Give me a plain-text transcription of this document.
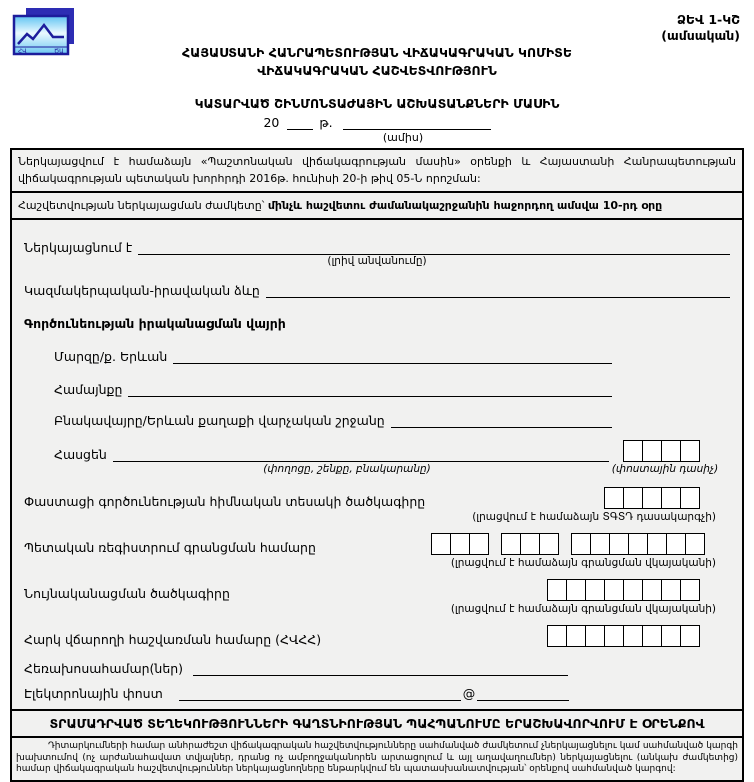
ՀՎ	ԾԱ
ՁԵՎ 1-ԿՇ
(ամսական)
ՀԱՅԱՍՏԱՆԻ ՀԱՆՐԱՊԵՏՈՒԹՅԱՆ ՎԻՃԱԿԱԳՐԱԿԱՆ ԿՈՄԻՏԵ
ՎԻՃԱԿԱԳՐԱԿԱՆ ՀԱՇՎԵՏՎՈՒԹՅՈՒՆ
ԿԱՏԱՐՎԱԾ ՇԻՆՄՈՆՏԱԺԱՅԻՆ ԱՇԽԱՏԱՆՔՆԵՐԻ ՄԱՍԻՆ
20	թ.
(ամիս)
Ներկայացվում է համաձայն «Պաշտոնական վիճակագրության մասին» օրենքի և Հայաստանի Հանրապետության վիճակագրության պետական խորհրդի 2016թ. հունիսի 20-ի թիվ 05-Ն որոշման:
Հաշվետվության ներկայացման ժամկետը՝ մինչև հաշվետու ժամանակաշրջանին հաջորդող ամսվա 10-րդ օրը
Ներկայացնում է
(լրիվ անվանումը)
Կազմակերպական-իրավական ձևը
Գործունեության իրականացման վայրի
Մարզը/ք. Երևան
Համայնքը
Բնակավայրը/Երևան քաղաքի վարչական շրջանը
Հասցեն
(փողոցը, շենքը, բնակարանը)	(փոստային դասիչ)
Փաստացի գործունեության հիմնական տեսակի ծածկագիրը
(լրացվում է համաձայն ՏԳՏԴ դասակարգչի)
Պետական ռեգիստրում գրանցման համարը
(լրացվում է համաձայն գրանցման վկայականի)
Նույնականացման ծածկագիրը
(լրացվում է համաձայն գրանցման վկայականի)
Հարկ վճարողի հաշվառման համարը (ՀՎՀՀ)
Հեռախոսահամար(ներ)
Էլեկտրոնային փոստ	@
ՏՐԱՄԱԴՐՎԱԾ ՏԵՂԵԿՈՒԹՅՈՒՆՆԵՐԻ ԳԱՂՏՆԻՈՒԹՅԱՆ ՊԱՀՊԱՆՈՒՄԸ ԵՐԱՇԽԱՎՈՐՎՈՒՄ Է ՕՐԵՆՔՈՎ

Դիտարկումների համար անհրաժեշտ վիճակագրական հաշվետվությունները սահմանված ժամկետում չներկայացնելու կամ սահմանված կարգի խախտումով (ոչ արժանահավատ տվյալներ, դրանց ոչ ամբողջականորեն արտացոլում և այլ աղավաղումներ) ներկայացնելու (անկախ ժամկետից) համար վիճակագրական հաշվետվություններ ներկայացնողները ենթարկվում են պատասխանատվության՝ օրենքով սահմանված կարգով:
